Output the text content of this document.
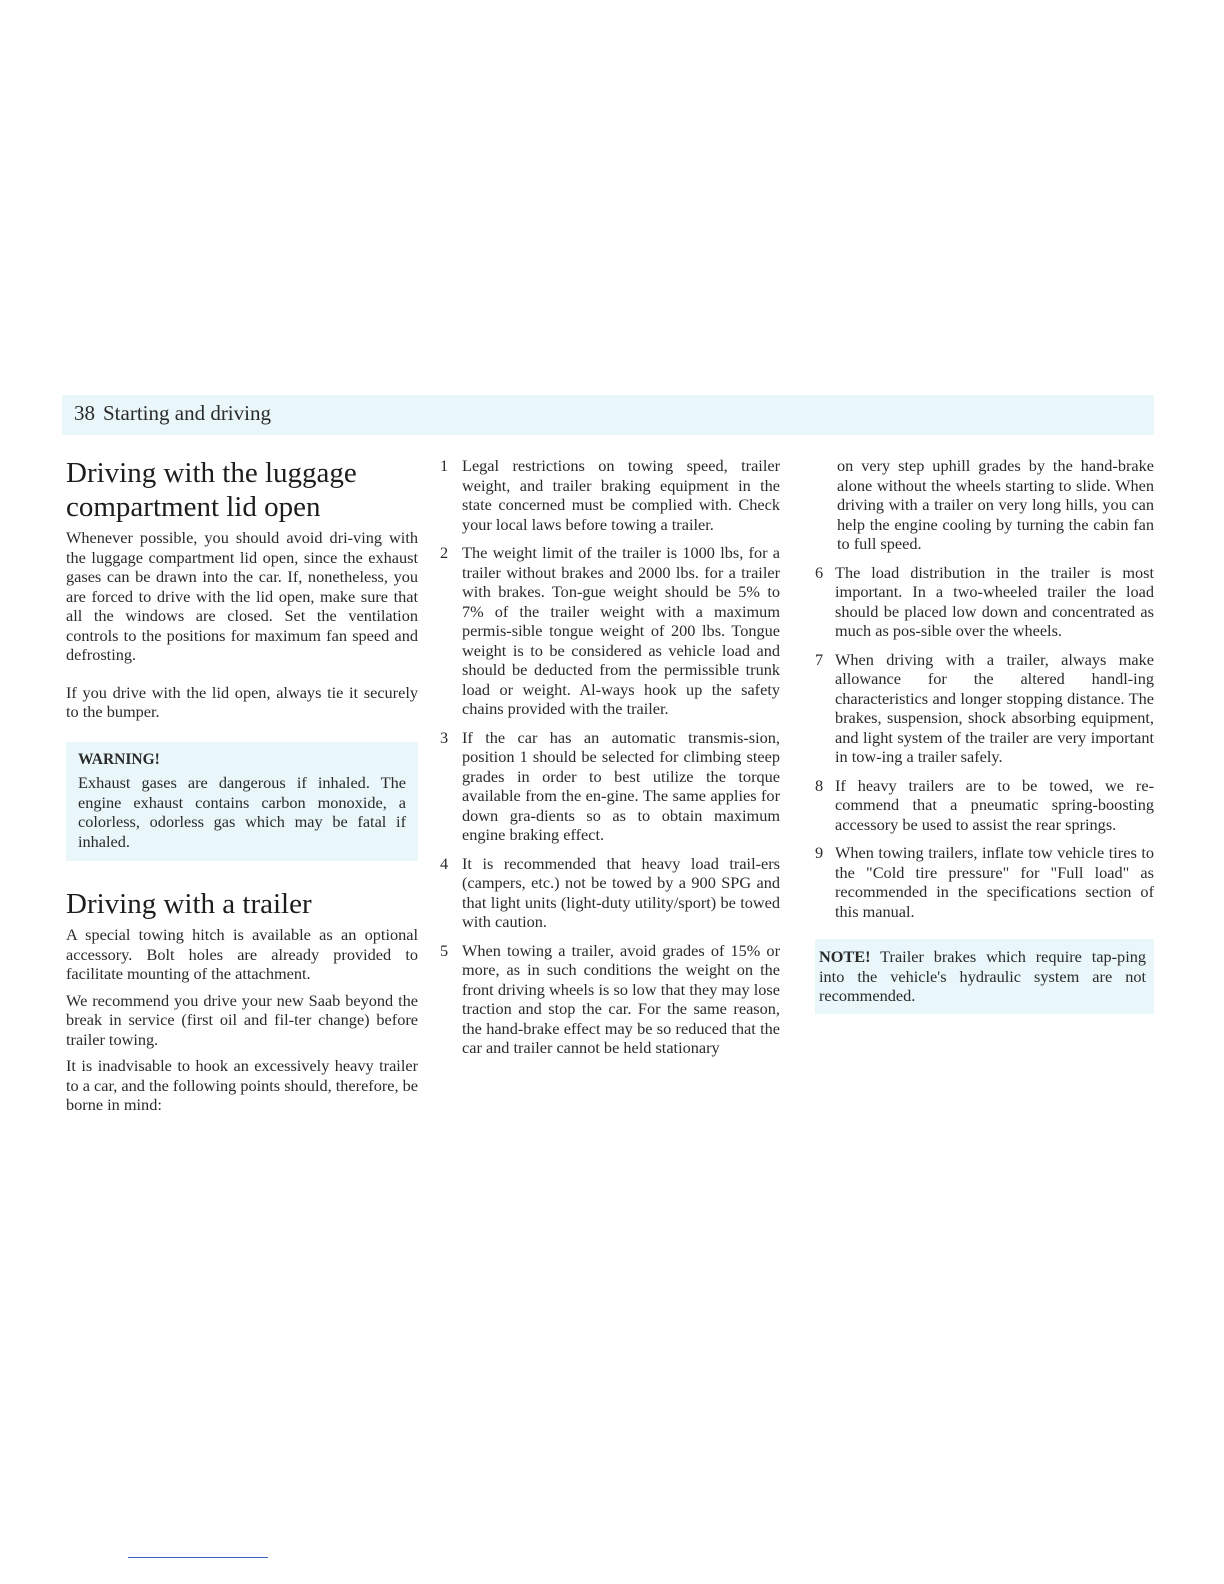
38 Starting and driving
Driving with the luggage compartment lid open

Whenever possible, you should avoid dri-ving with the luggage compartment lid open, since the exhaust gases can be drawn into the car. If, nonetheless, you are forced to drive with the lid open, make sure that all the windows are closed. Set the ventilation controls to the positions for maximum fan speed and defrosting.

If you drive with the lid open, always tie it securely to the bumper.

WARNING!

Exhaust gases are dangerous if inhaled. The engine exhaust contains carbon monoxide, a colorless, odorless gas which may be fatal if inhaled.

Driving with a trailer

A special towing hitch is available as an optional accessory. Bolt holes are already provided to facilitate mounting of the attachment.

We recommend you drive your new Saab beyond the break in service (first oil and fil-ter change) before trailer towing.

It is inadvisable to hook an excessively heavy trailer to a car, and the following points should, therefore, be borne in mind:

1 Legal restrictions on towing speed, trailer weight, and trailer braking equipment in the state concerned must be complied with. Check your local laws before towing a trailer.
2 The weight limit of the trailer is 1000 lbs, for a trailer without brakes and 2000 lbs. for a trailer with brakes. Ton-gue weight should be 5% to 7% of the trailer weight with a maximum permis-sible tongue weight of 200 lbs. Tongue weight is to be considered as vehicle load and should be deducted from the permissible trunk load or weight. Al-ways hook up the safety chains provided with the trailer.
3 If the car has an automatic transmis-sion, position 1 should be selected for climbing steep grades in order to best utilize the torque available from the en-gine. The same applies for down gra-dients so as to obtain maximum engine braking effect.
4 It is recommended that heavy load trail-ers (campers, etc.) not be towed by a 900 SPG and that light units (light-duty utility/sport) be towed with caution.
5 When towing a trailer, avoid grades of 15% or more, as in such conditions the weight on the front driving wheels is so low that they may lose traction and stop the car. For the same reason, the hand-brake effect may be so reduced that the car and trailer cannot be held stationary

on very step uphill grades by the hand-brake alone without the wheels starting to slide. When driving with a trailer on very long hills, you can help the engine cooling by turning the cabin fan to full speed.

6 The load distribution in the trailer is most important. In a two-wheeled trailer the load should be placed low down and concentrated as much as pos-sible over the wheels.
7 When driving with a trailer, always make allowance for the altered handl-ing characteristics and longer stopping distance. The brakes, suspension, shock absorbing equipment, and light system of the trailer are very important in tow-ing a trailer safely.
8 If heavy trailers are to be towed, we re-commend that a pneumatic spring-boosting accessory be used to assist the rear springs.
9 When towing trailers, inflate tow vehicle tires to the "Cold tire pressure" for "Full load" as recommended in the specifications section of this manual.
NOTE! Trailer brakes which require tap-ping into the vehicle's hydraulic system are not recommended.
